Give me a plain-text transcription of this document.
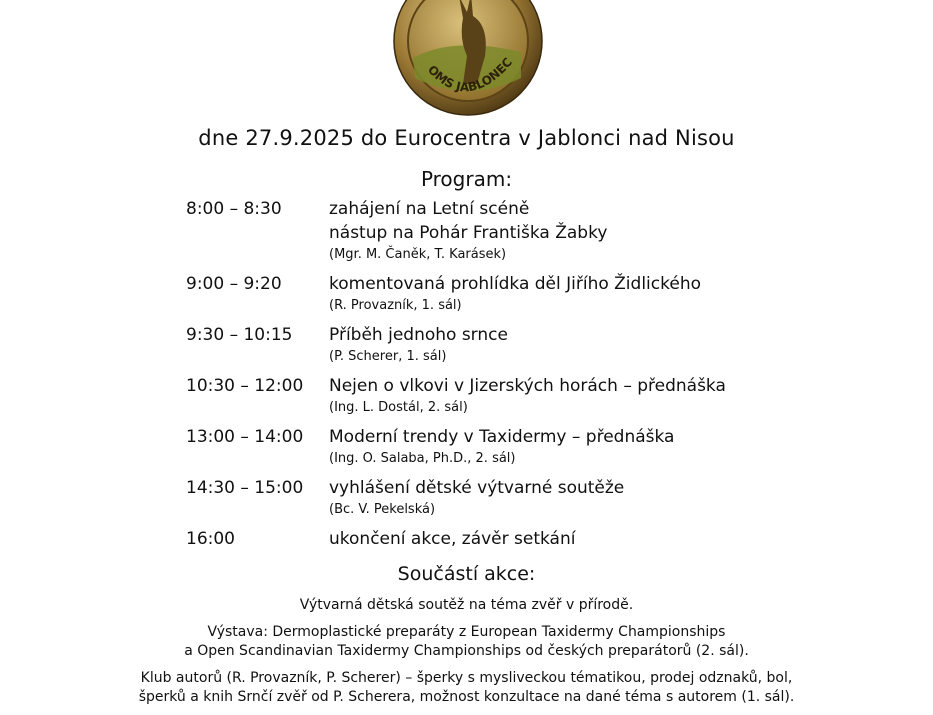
OMS JABLONEC
dne 27.9.2025 do Eurocentra v Jablonci nad Nisou
Program:
8:00 – 8:30	zahájení na Letní scéně
nástup na Pohár Františka Žabky
(Mgr. M. Čaněk, T. Karásek)
9:00 – 9:20	komentovaná prohlídka děl Jiřího Židlického
(R. Provazník, 1. sál)
9:30 – 10:15	Příběh jednoho srnce
(P. Scherer, 1. sál)
10:30 – 12:00	Nejen o vlkovi v Jizerských horách – přednáška
(Ing. L. Dostál, 2. sál)
13:00 – 14:00	Moderní trendy v Taxidermy – přednáška
(Ing. O. Salaba, Ph.D., 2. sál)
14:30 – 15:00	vyhlášení dětské výtvarné soutěže
(Bc. V. Pekelská)
16:00	ukončení akce, závěr setkání
Součástí akce:
Výtvarná dětská soutěž na téma zvěř v přírodě.
Výstava: Dermoplastické preparáty z European Taxidermy Championships
a Open Scandinavian Taxidermy Championships od českých preparátorů (2. sál).
Klub autorů (R. Provazník, P. Scherer) – šperky s mysliveckou tématikou, prodej odznaků, bol,
šperků a knih Srnčí zvěř od P. Scherera, možnost konzultace na dané téma s autorem (1. sál).
